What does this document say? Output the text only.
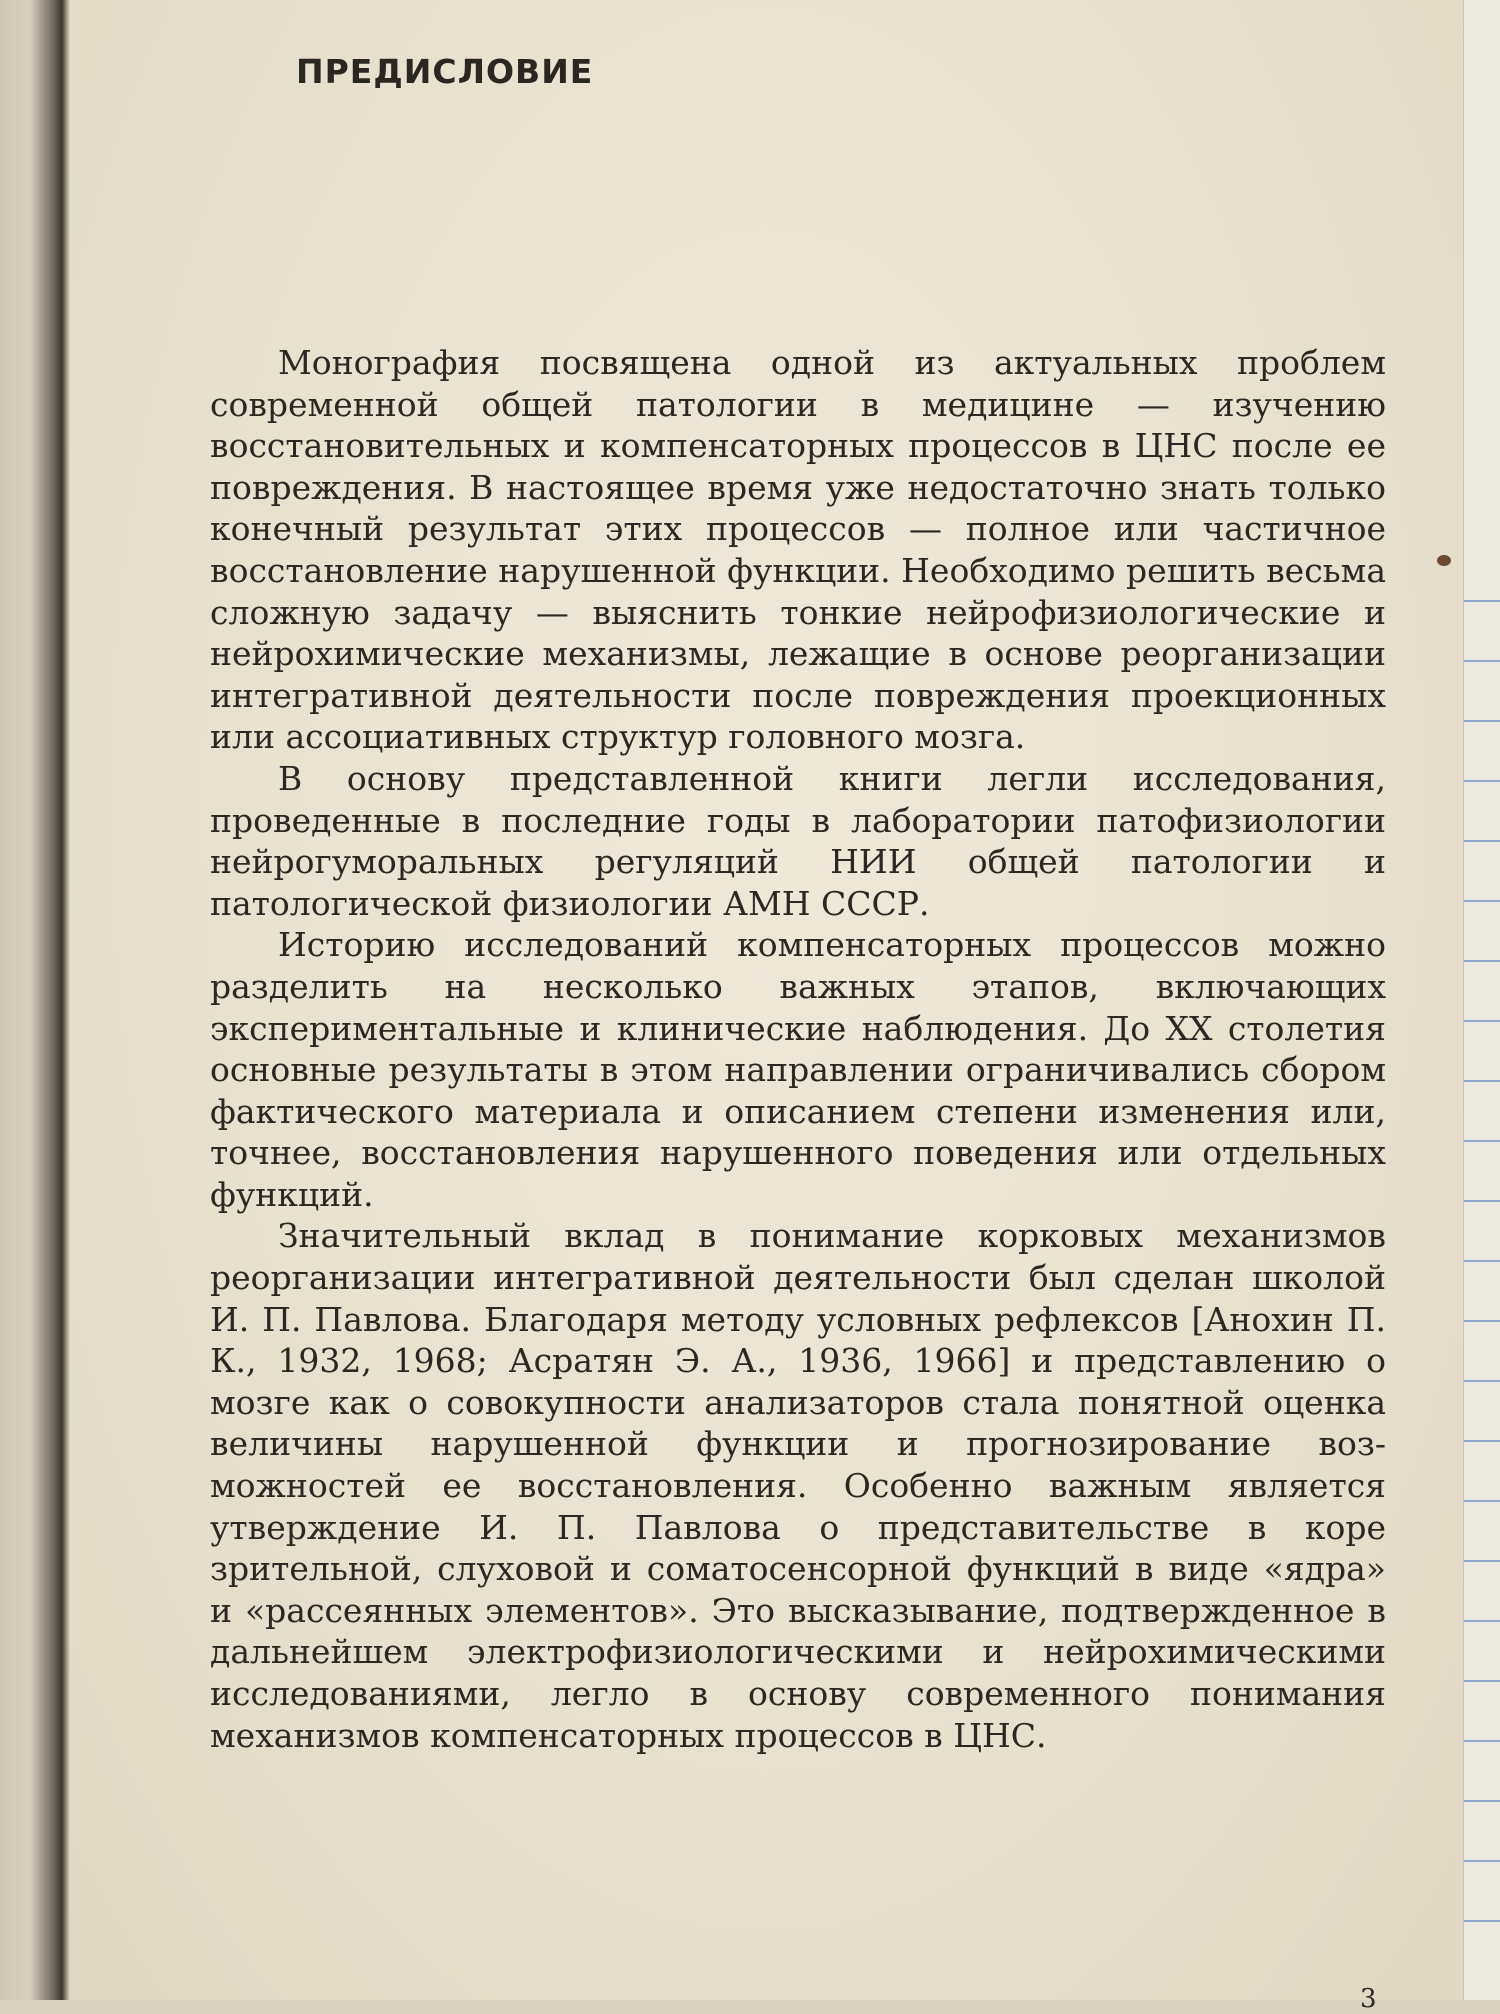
ПРЕДИСЛОВИЕ

Монография посвящена одной из актуальных проблем современной общей патологии в медицине — изучению восстановительных и компенсаторных процессов в ЦНС после ее повреждения. В настоящее время уже недостаточно знать только конечный результат этих процессов — полное или частичное восстановление нарушенной функции. Необходимо решить весьма сложную задачу — выяснить тонкие нейрофизиологические и нейрохимические механизмы, лежащие в основе реорганизации интегративной деятельности после повреждения проекционных или ассоциативных структур головного мозга.

В основу представленной книги легли исследования, проведенные в последние годы в лаборатории патофизиологии нейрогуморальных регуляций НИИ общей патологии и патологической физиологии АМН СССР.

Историю исследований компенсаторных процессов можно разделить на несколько важных этапов, включающих экспериментальные и клинические наблюдения. До XX столетия основные результаты в этом направлении ограничивались сбором фактического материала и описанием степени изменения или, точнее, восстановления нарушенного поведения или отдельных функций.

Значительный вклад в понимание корковых механизмов реорганизации интегративной деятельности был сделан школой И. П. Павлова. Благодаря методу условных рефлексов [Анохин П. К., 1932, 1968; Асратян Э. А., 1936, 1966] и представлению о мозге как о совокупности анализаторов стала понятной оценка величины нарушенной функции и прогнозирование возможностей ее восстановления. Особенно важным является утверждение И. П. Павлова о представительстве в коре зрительной, слуховой и соматосенсорной функций в виде «ядра» и «рассеянных элементов». Это высказывание, подтвержденное в дальнейшем электрофизиологическими и нейрохимическими исследованиями, легло в основу современного понимания механизмов компенсаторных процессов в ЦНС.

3
